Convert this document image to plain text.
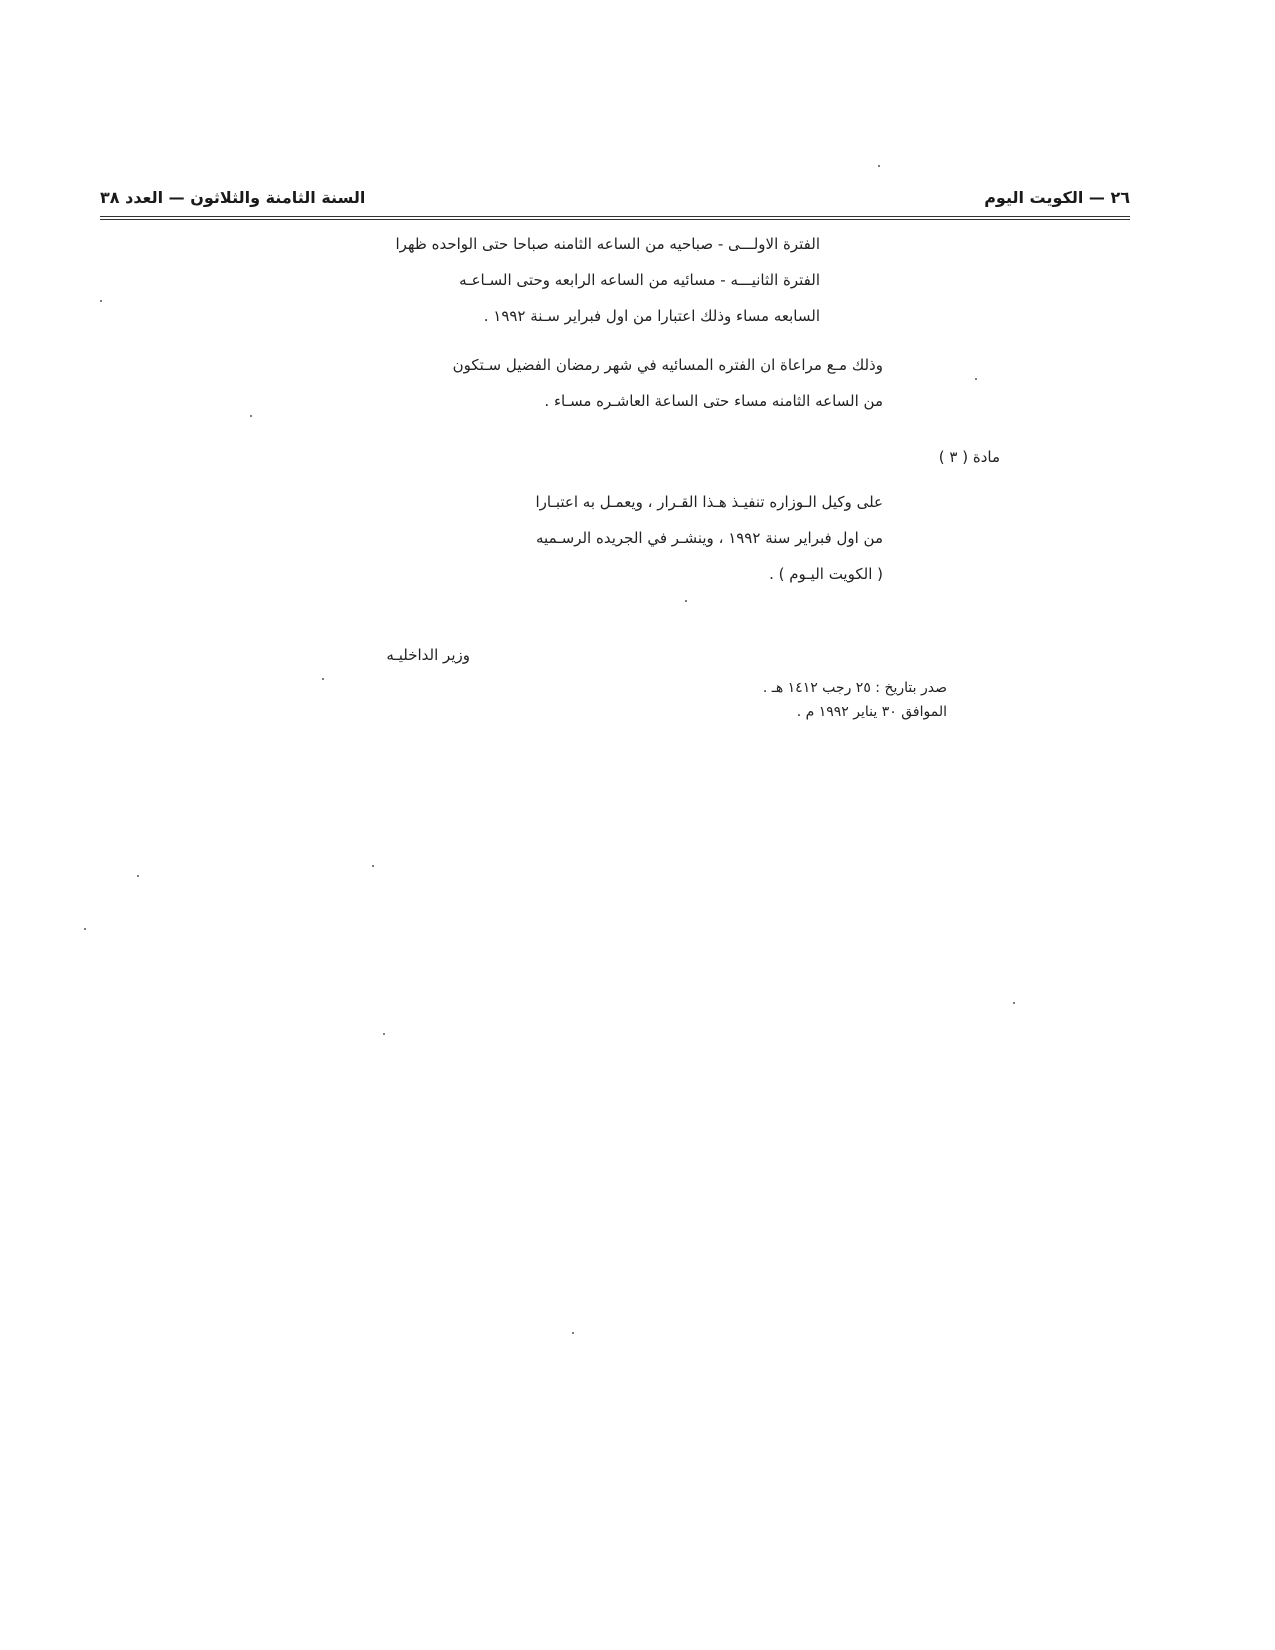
٢٦ — الكويت اليوم
السنة الثامنة والثلاثون — العدد ٣٨
الفترة الاولـــى - صباحيه من الساعه الثامنه صباحا حتى الواحده ظهرا
الفترة الثانيـــه - مسائيه من الساعه الرابعه وحتى السـاعـه
السابعه مساء وذلك اعتبارا من اول فبراير سـنة ١٩٩٢ .
وذلك مـع مراعاة ان الفتره المسائيه في شهر رمضان الفضيل سـتكون
من الساعه الثامنه مساء حتى الساعة العاشـره مسـاء .
مادة ( ٣ )
على وكيل الـوزاره تنفيـذ هـذا القـرار ، ويعمـل به اعتبـارا
من اول فبراير سنة ١٩٩٢ ، وينشـر في الجريده الرسـميه
( الكويت اليـوم ) .
وزير الداخليـه
صدر بتاريخ : ٢٥ رجب ١٤١٢ هـ .
الموافق ٣٠ يناير ١٩٩٢ م .
